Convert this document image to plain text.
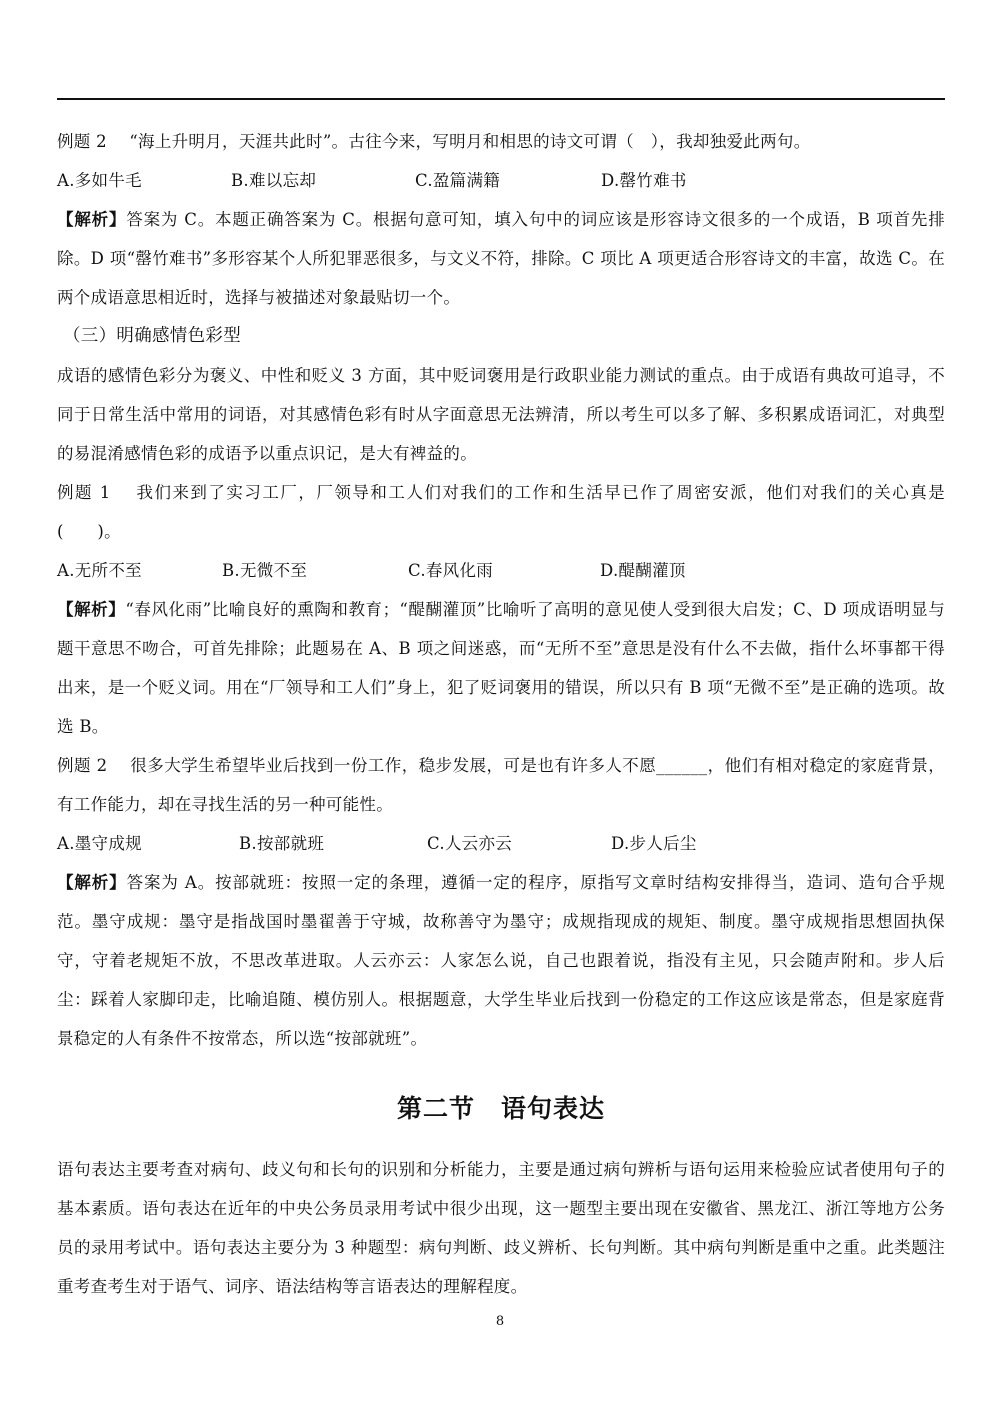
例题 2　 “海上升明月，天涯共此时”。古往今来，写明月和相思的诗文可谓（　），我却独爱此两句。

A.多如牛毛	B.难以忘却	C.盈篇满籍	D.罄竹难书

【解析】答案为 C。本题正确答案为 C。根据句意可知，填入句中的词应该是形容诗文很多的一个成语，B 项首先排除。D 项“罄竹难书”多形容某个人所犯罪恶很多，与文义不符，排除。C 项比 A 项更适合形容诗文的丰富，故选 C。在两个成语意思相近时，选择与被描述对象最贴切一个。

（三）明确感情色彩型

成语的感情色彩分为褒义、中性和贬义 3 方面，其中贬词褒用是行政职业能力测试的重点。由于成语有典故可追寻，不同于日常生活中常用的词语，对其感情色彩有时从字面意思无法辨清，所以考生可以多了解、多积累成语词汇，对典型的易混淆感情色彩的成语予以重点识记，是大有裨益的。

例题 1　 我们来到了实习工厂，厂领导和工人们对我们的工作和生活早已作了周密安派，他们对我们的关心真是(　　)。

A.无所不至	B.无微不至	C.春风化雨	D.醍醐灌顶

【解析】“春风化雨”比喻良好的熏陶和教育；“醍醐灌顶”比喻听了高明的意见使人受到很大启发；C、D 项成语明显与题干意思不吻合，可首先排除；此题易在 A、B 项之间迷惑，而“无所不至”意思是没有什么不去做，指什么坏事都干得出来，是一个贬义词。用在“厂领导和工人们”身上，犯了贬词褒用的错误，所以只有 B 项“无微不至”是正确的选项。故选 B。

例题 2　 很多大学生希望毕业后找到一份工作，稳步发展，可是也有许多人不愿______，他们有相对稳定的家庭背景，有工作能力，却在寻找生活的另一种可能性。

A.墨守成规	B.按部就班	C.人云亦云	D.步人后尘

【解析】答案为 A。按部就班：按照一定的条理，遵循一定的程序，原指写文章时结构安排得当，造词、造句合乎规范。墨守成规：墨守是指战国时墨翟善于守城，故称善守为墨守；成规指现成的规矩、制度。墨守成规指思想固执保守，守着老规矩不放，不思改革进取。人云亦云：人家怎么说，自己也跟着说，指没有主见，只会随声附和。步人后尘：踩着人家脚印走，比喻追随、模仿别人。根据题意，大学生毕业后找到一份稳定的工作这应该是常态，但是家庭背景稳定的人有条件不按常态，所以选“按部就班”。

第二节　语句表达

语句表达主要考查对病句、歧义句和长句的识别和分析能力，主要是通过病句辨析与语句运用来检验应试者使用句子的基本素质。语句表达在近年的中央公务员录用考试中很少出现，这一题型主要出现在安徽省、黑龙江、浙江等地方公务员的录用考试中。语句表达主要分为 3 种题型：病句判断、歧义辨析、长句判断。其中病句判断是重中之重。此类题注重考查考生对于语气、词序、语法结构等言语表达的理解程度。

8
